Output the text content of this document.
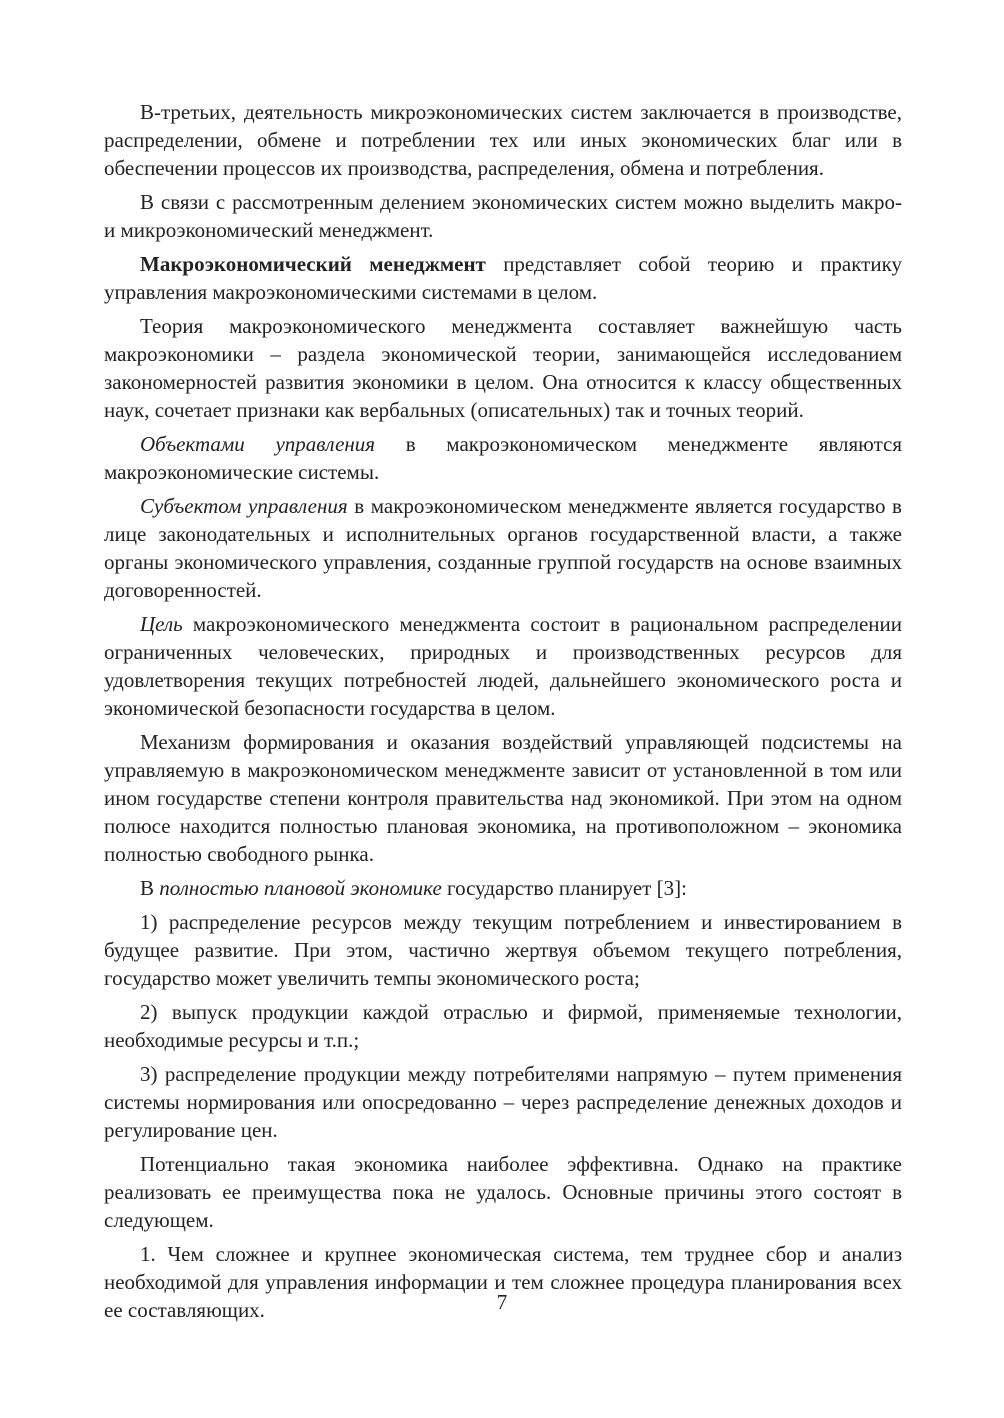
В-третьих, деятельность микроэкономических систем заключается в производстве, распределении, обмене и потреблении тех или иных экономических благ или в обеспечении процессов их производства, распределения, обмена и потребления.

В связи с рассмотренным делением экономических систем можно выделить макро- и микроэкономический менеджмент.

Макроэкономический менеджмент представляет собой теорию и практику управления макроэкономическими системами в целом.

Теория макроэкономического менеджмента составляет важнейшую часть макроэкономики – раздела экономической теории, занимающейся исследованием закономерностей развития экономики в целом. Она относится к классу общественных наук, сочетает признаки как вербальных (описательных) так и точных теорий.

Объектами управления в макроэкономическом менеджменте являются макроэкономические системы.

Субъектом управления в макроэкономическом менеджменте является государство в лице законодательных и исполнительных органов государственной власти, а также органы экономического управления, созданные группой государств на основе взаимных договоренностей.

Цель макроэкономического менеджмента состоит в рациональном распределении ограниченных человеческих, природных и производственных ресурсов для удовлетворения текущих потребностей людей, дальнейшего экономического роста и экономической безопасности государства в целом.

Механизм формирования и оказания воздействий управляющей подсистемы на управляемую в макроэкономическом менеджменте зависит от установленной в том или ином государстве степени контроля правительства над экономикой. При этом на одном полюсе находится полностью плановая экономика, на противоположном – экономика полностью свободного рынка.

В полностью плановой экономике государство планирует [3]:

1) распределение ресурсов между текущим потреблением и инвестированием в будущее развитие. При этом, частично жертвуя объемом текущего потребления, государство может увеличить темпы экономического роста;

2) выпуск продукции каждой отраслью и фирмой, применяемые технологии, необходимые ресурсы и т.п.;

3) распределение продукции между потребителями напрямую – путем применения системы нормирования или опосредованно – через распределение денежных доходов и регулирование цен.

Потенциально такая экономика наиболее эффективна. Однако на практике реализовать ее преимущества пока не удалось. Основные причины этого состоят в следующем.

1. Чем сложнее и крупнее экономическая система, тем труднее сбор и анализ необходимой для управления информации и тем сложнее процедура планирования всех ее составляющих.	7
